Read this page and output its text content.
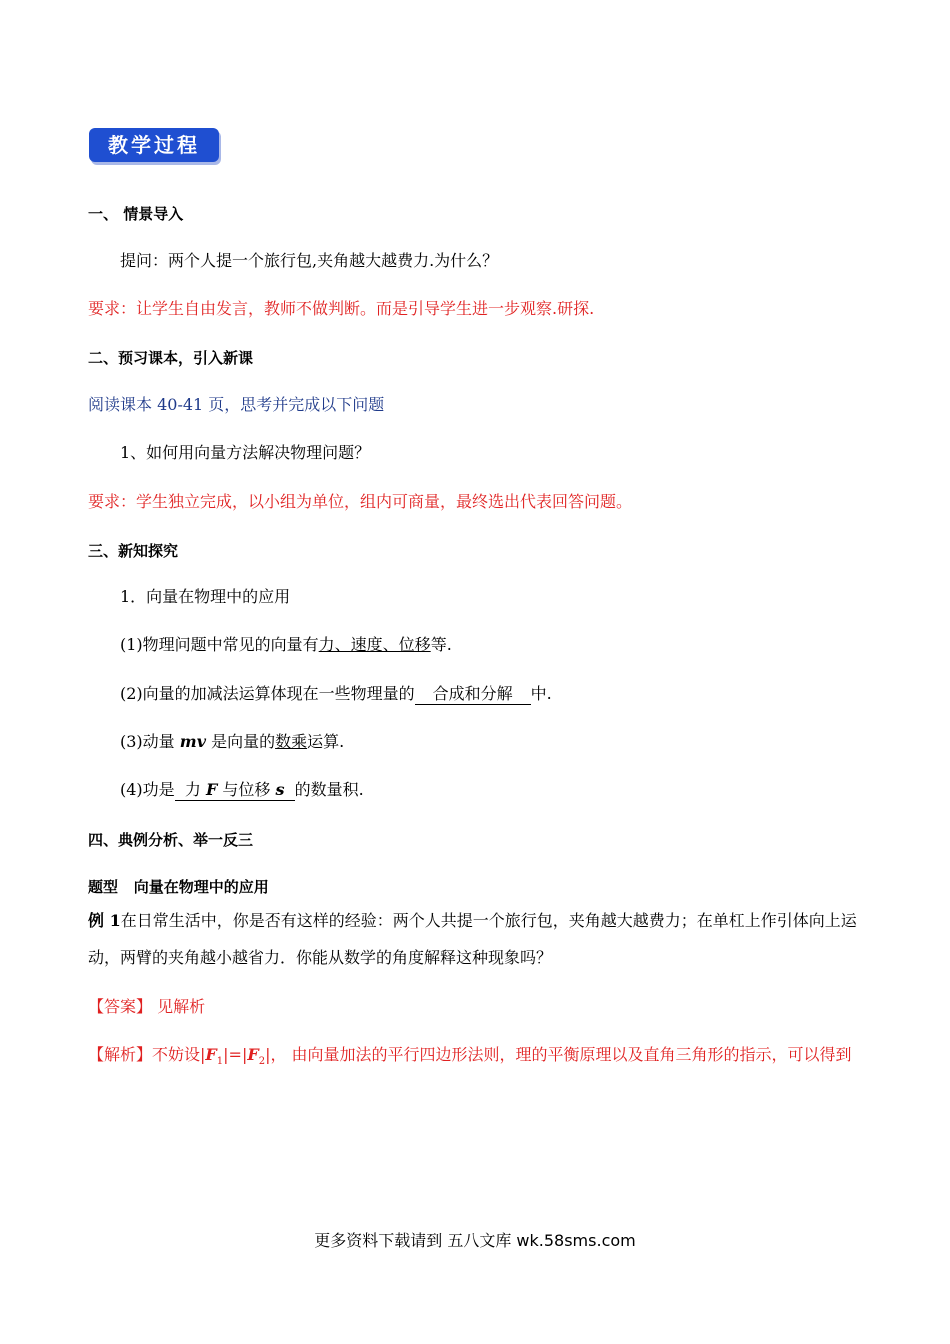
教学过程
一、 情景导入
提问：两个人提一个旅行包,夹角越大越费力.为什么？
要求：让学生自由发言，教师不做判断。而是引导学生进一步观察.研探.
二、预习课本，引入新课
阅读课本 40-41 页，思考并完成以下问题
1、如何用向量方法解决物理问题？
要求：学生独立完成，以小组为单位，组内可商量，最终选出代表回答问题。
三、新知探究
1．向量在物理中的应用
(1)物理问题中常见的向量有力、速度、位移等.
(2)向量的加减法运算体现在一些物理量的 合成和分解 中.
(3)动量 mv 是向量的数乘运算.
(4)功是 力 F 与位移 s 的数量积.
四、典例分析、举一反三
题型 向量在物理中的应用
例 1在日常生活中，你是否有这样的经验：两个人共提一个旅行包，夹角越大越费力；在单杠上作引体向上运动，两臂的夹角越小越省力．你能从数学的角度解释这种现象吗？
【答案】 见解析
【解析】不妨设$|F_1|=|F_2|$， 由向量加法的平行四边形法则，理的平衡原理以及直角三角形的指示，可以得到
更多资料下载请到 五八文库 wk.58sms.com
